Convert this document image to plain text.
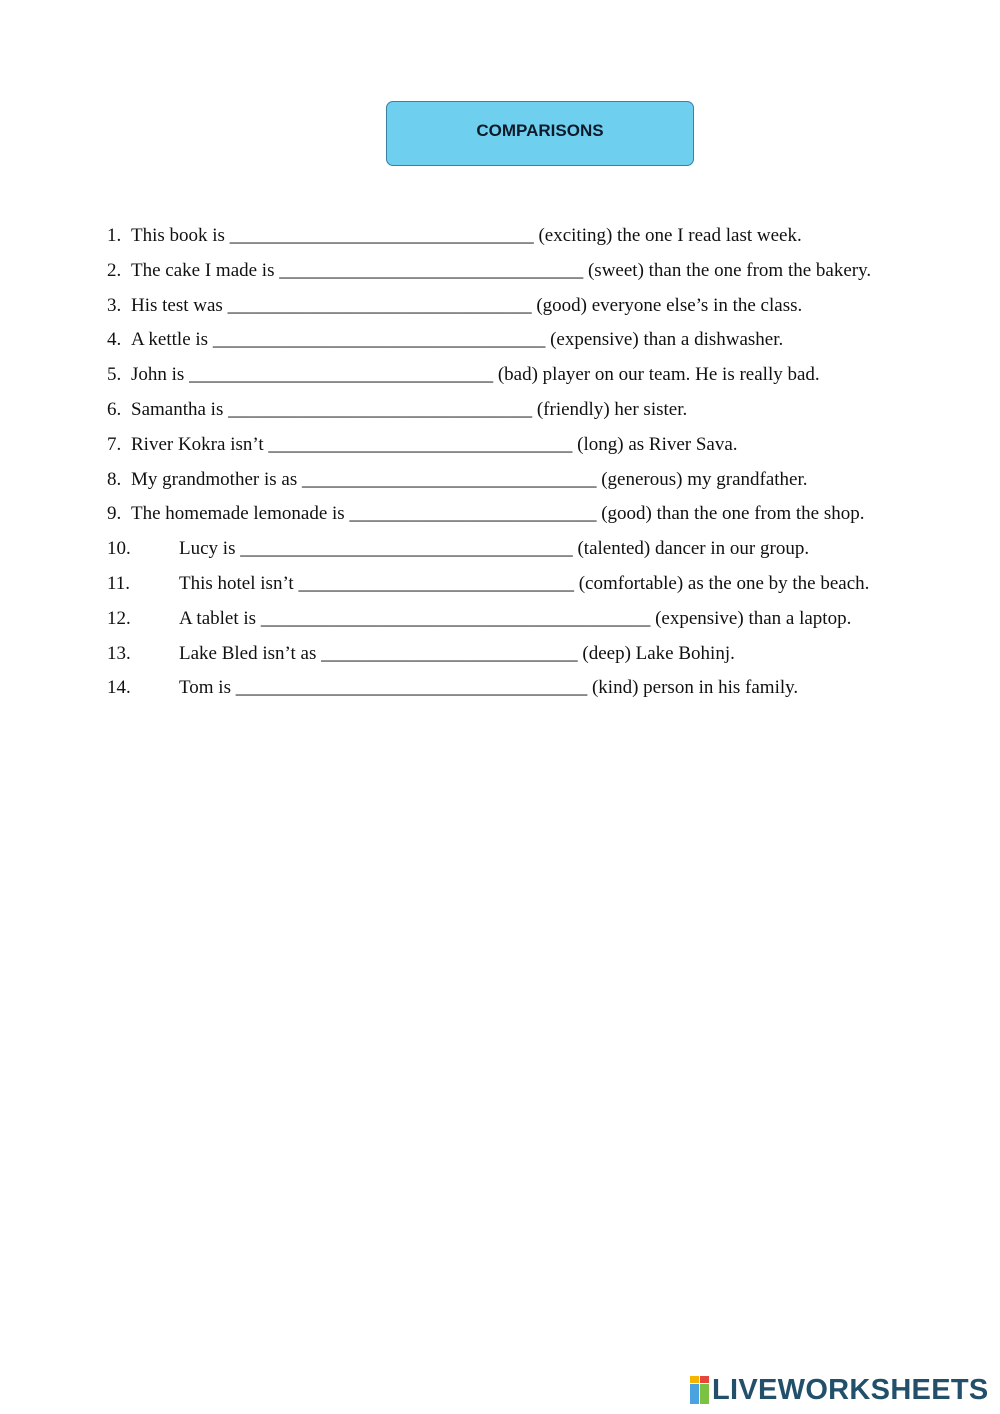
COMPARISONS
1. This book is ________________________________ (exciting) the one I read last week.
2. The cake I made is ________________________________ (sweet) than the one from the bakery.
3. His test was ________________________________ (good) everyone else’s in the class.
4. A kettle is ___________________________________ (expensive) than a dishwasher.
5. John is ________________________________ (bad) player on our team. He is really bad.
6. Samantha is ________________________________ (friendly) her sister.
7. River Kokra isn’t ________________________________ (long) as River Sava.
8. My grandmother is as _______________________________ (generous) my grandfather.
9. The homemade lemonade is __________________________ (good) than the one from the shop.
10.	Lucy is ___________________________________ (talented) dancer in our group.
11.	This hotel isn’t _____________________________ (comfortable) as the one by the beach.
12.	A tablet is _________________________________________ (expensive) than a laptop.
13.	Lake Bled isn’t as ___________________________ (deep) Lake Bohinj.
14.	Tom is _____________________________________ (kind) person in his family.
LIVEWORKSHEETS
